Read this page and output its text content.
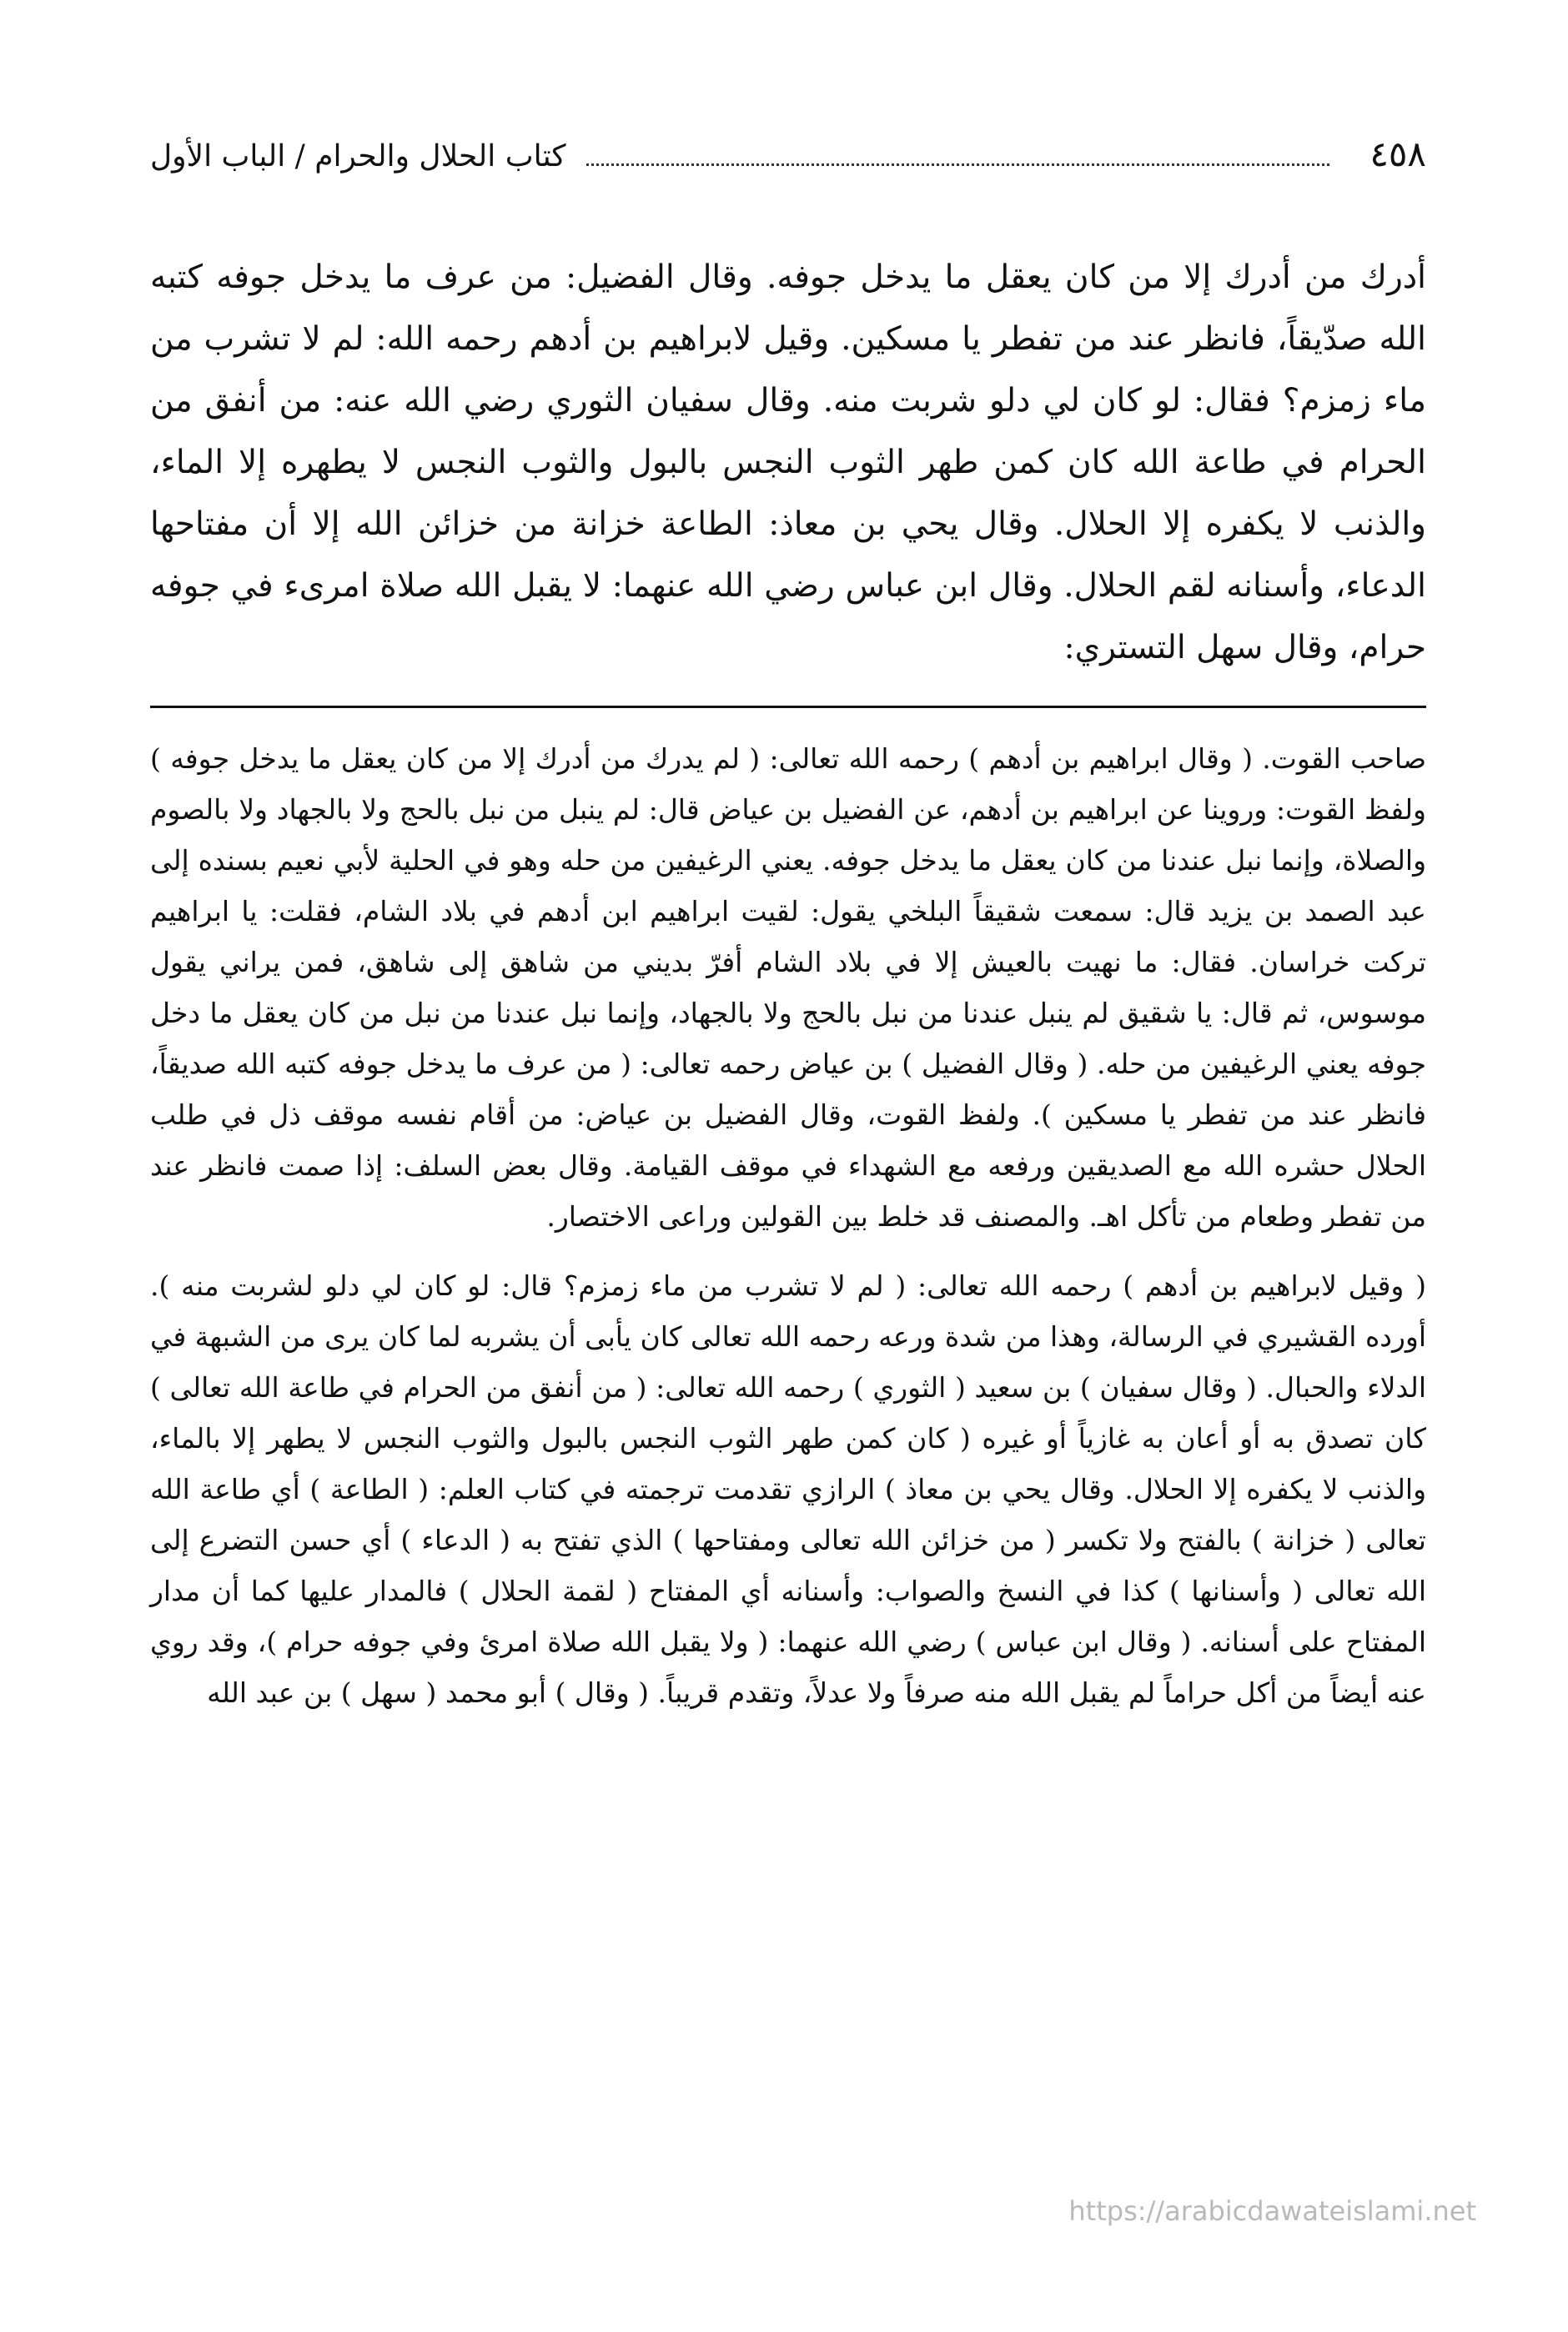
٤٥٨
كتاب الحلال والحرام / الباب الأول

أدرك من أدرك إلا من كان يعقل ما يدخل جوفه. وقال الفضيل: من عرف ما يدخل جوفه كتبه الله صدّيقاً، فانظر عند من تفطر يا مسكين. وقيل لابراهيم بن أدهم رحمه الله: لم لا تشرب من ماء زمزم؟ فقال: لو كان لي دلو شربت منه. وقال سفيان الثوري رضي الله عنه: من أنفق من الحرام في طاعة الله كان كمن طهر الثوب النجس بالبول والثوب النجس لا يطهره إلا الماء، والذنب لا يكفره إلا الحلال. وقال يحي بن معاذ: الطاعة خزانة من خزائن الله إلا أن مفتاحها الدعاء، وأسنانه لقم الحلال. وقال ابن عباس رضي الله عنهما: لا يقبل الله صلاة امرىء في جوفه حرام، وقال سهل التستري:

صاحب القوت. ( وقال ابراهيم بن أدهم ) رحمه الله تعالى: ( لم يدرك من أدرك إلا من كان يعقل ما يدخل جوفه ) ولفظ القوت: وروينا عن ابراهيم بن أدهم، عن الفضيل بن عياض قال: لم ينبل من نبل بالحج ولا بالجهاد ولا بالصوم والصلاة، وإنما نبل عندنا من كان يعقل ما يدخل جوفه. يعني الرغيفين من حله وهو في الحلية لأبي نعيم بسنده إلى عبد الصمد بن يزيد قال: سمعت شقيقاً البلخي يقول: لقيت ابراهيم ابن أدهم في بلاد الشام، فقلت: يا ابراهيم تركت خراسان. فقال: ما نهيت بالعيش إلا في بلاد الشام أفرّ بديني من شاهق إلى شاهق، فمن يراني يقول موسوس، ثم قال: يا شقيق لم ينبل عندنا من نبل بالحج ولا بالجهاد، وإنما نبل عندنا من نبل من كان يعقل ما دخل جوفه يعني الرغيفين من حله. ( وقال الفضيل ) بن عياض رحمه تعالى: ( من عرف ما يدخل جوفه كتبه الله صديقاً، فانظر عند من تفطر يا مسكين ). ولفظ القوت، وقال الفضيل بن عياض: من أقام نفسه موقف ذل في طلب الحلال حشره الله مع الصديقين ورفعه مع الشهداء في موقف القيامة. وقال بعض السلف: إذا صمت فانظر عند من تفطر وطعام من تأكل اهـ. والمصنف قد خلط بين القولين وراعى الاختصار.

( وقيل لابراهيم بن أدهم ) رحمه الله تعالى: ( لم لا تشرب من ماء زمزم؟ قال: لو كان لي دلو لشربت منه ). أورده القشيري في الرسالة، وهذا من شدة ورعه رحمه الله تعالى كان يأبى أن يشربه لما كان يرى من الشبهة في الدلاء والحبال. ( وقال سفيان ) بن سعيد ( الثوري ) رحمه الله تعالى: ( من أنفق من الحرام في طاعة الله تعالى ) كان تصدق به أو أعان به غازياً أو غيره ( كان كمن طهر الثوب النجس بالبول والثوب النجس لا يطهر إلا بالماء، والذنب لا يكفره إلا الحلال. وقال يحي بن معاذ ) الرازي تقدمت ترجمته في كتاب العلم: ( الطاعة ) أي طاعة الله تعالى ( خزانة ) بالفتح ولا تكسر ( من خزائن الله تعالى ومفتاحها ) الذي تفتح به ( الدعاء ) أي حسن التضرع إلى الله تعالى ( وأسنانها ) كذا في النسخ والصواب: وأسنانه أي المفتاح ( لقمة الحلال ) فالمدار عليها كما أن مدار المفتاح على أسنانه. ( وقال ابن عباس ) رضي الله عنهما: ( ولا يقبل الله صلاة امرئ وفي جوفه حرام )، وقد روي عنه أيضاً من أكل حراماً لم يقبل الله منه صرفاً ولا عدلاً، وتقدم قريباً. ( وقال ) أبو محمد ( سهل ) بن عبد الله

https://arabicdawateislami.net
